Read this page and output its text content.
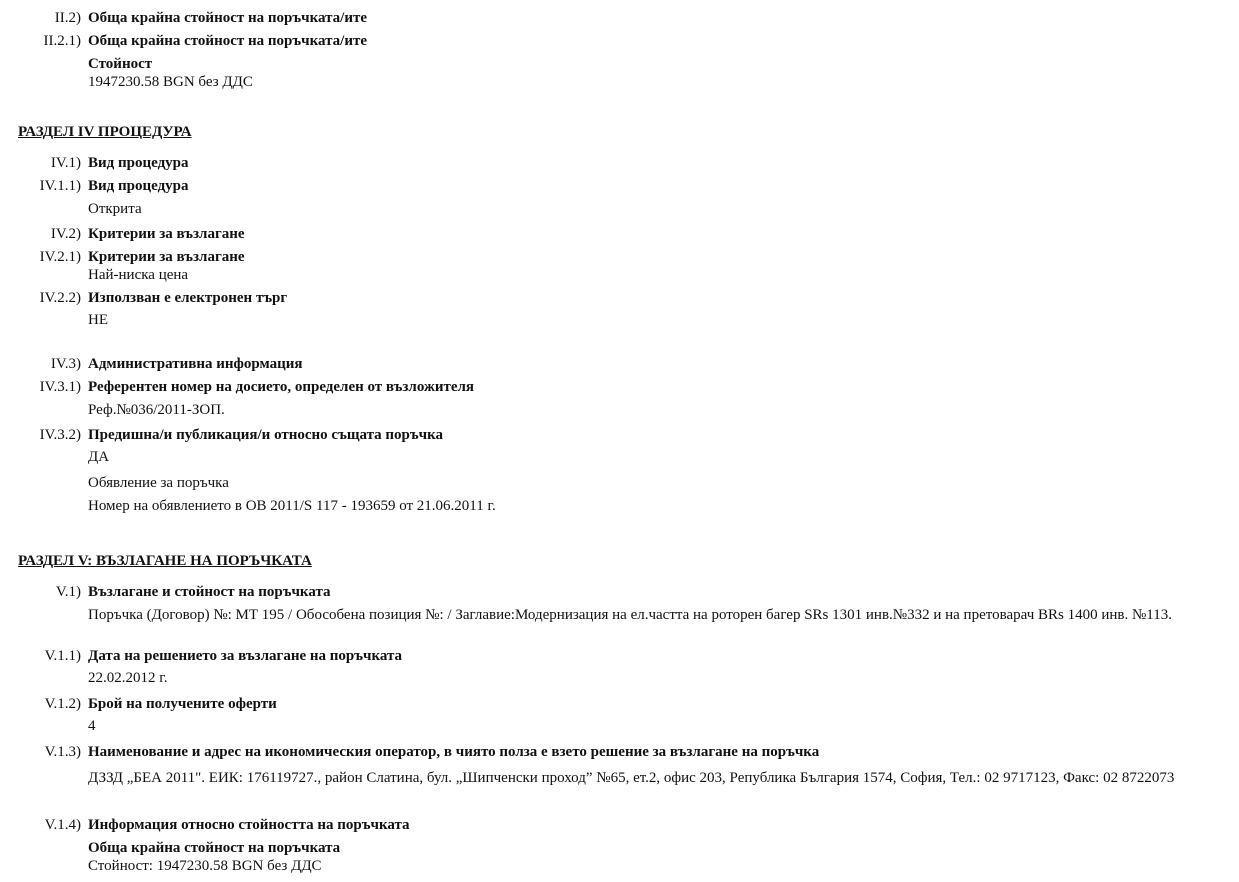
II.2) Обща крайна стойност на поръчката/ите
II.2.1) Обща крайна стойност на поръчката/ите
Стойност
1947230.58 BGN без ДДС
РАЗДЕЛ IV ПРОЦЕДУРА
IV.1) Вид процедура
IV.1.1) Вид процедура
Открита
IV.2) Критерии за възлагане
IV.2.1) Критерии за възлагане
Най-ниска цена
IV.2.2) Използван е електронен търг
НЕ
IV.3) Административна информация
IV.3.1) Референтен номер на досието, определен от възложителя
Реф.№036/2011-ЗОП.
IV.3.2) Предишна/и публикация/и относно същата поръчка
ДА
Обявление за поръчка
Номер на обявлението в ОВ 2011/S 117 - 193659 от 21.06.2011 г.
РАЗДЕЛ V: ВЪЗЛАГАНЕ НА ПОРЪЧКАТА
V.1) Възлагане и стойност на поръчката
Поръчка (Договор) №: МТ 195 / Обособена позиция №: / Заглавие:Модернизация на ел.частта на роторен багер SRs 1301 инв.№332 и на претоварач BRs 1400 инв. №113.
V.1.1) Дата на решението за възлагане на поръчката
22.02.2012 г.
V.1.2) Брой на получените оферти
4
V.1.3) Наименование и адрес на икономическия оператор, в чиято полза е взето решение за възлагане на поръчка
ДЗЗД „БЕА 2011". ЕИК: 176119727., район Слатина, бул. „Шипченски проход” №65, ет.2, офис 203, Република България 1574, София, Тел.: 02 9717123, Факс: 02 8722073
V.1.4) Информация относно стойността на поръчката
Обща крайна стойност на поръчката
Стойност: 1947230.58 BGN без ДДС
